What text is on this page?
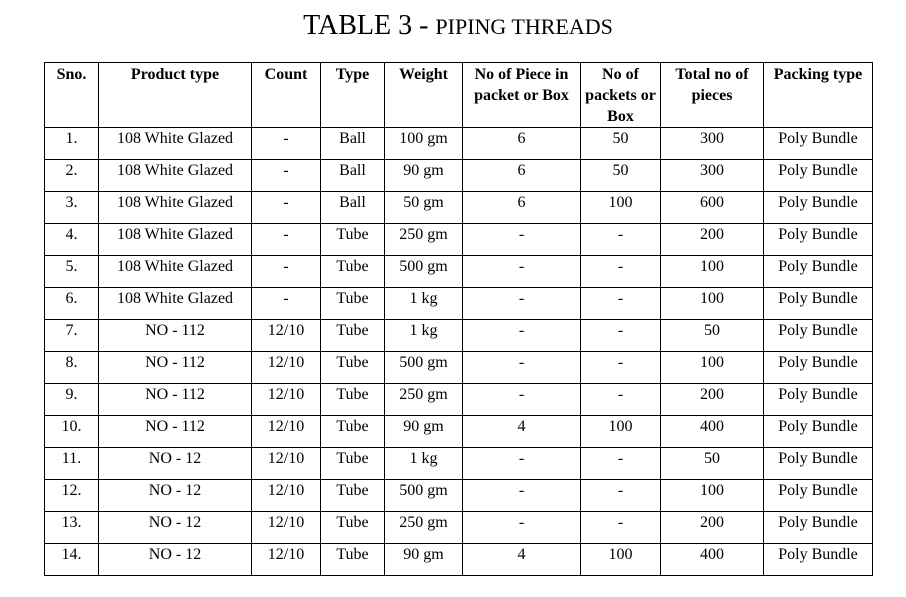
TABLE 3 - PIPING THREADS
Sno.	Product type	Count	Type	Weight	No of Piece in packet or Box	No of packets or Box	Total no of pieces	Packing type
1.	108 White Glazed	-	Ball	100 gm	6	50	300	Poly Bundle
2.	108 White Glazed	-	Ball	90 gm	6	50	300	Poly Bundle
3.	108 White Glazed	-	Ball	50 gm	6	100	600	Poly Bundle
4.	108 White Glazed	-	Tube	250 gm	-	-	200	Poly Bundle
5.	108 White Glazed	-	Tube	500 gm	-	-	100	Poly Bundle
6.	108 White Glazed	-	Tube	1 kg	-	-	100	Poly Bundle
7.	NO - 112	12/10	Tube	1 kg	-	-	50	Poly Bundle
8.	NO - 112	12/10	Tube	500 gm	-	-	100	Poly Bundle
9.	NO - 112	12/10	Tube	250 gm	-	-	200	Poly Bundle
10.	NO - 112	12/10	Tube	90 gm	4	100	400	Poly Bundle
11.	NO - 12	12/10	Tube	1 kg	-	-	50	Poly Bundle
12.	NO - 12	12/10	Tube	500 gm	-	-	100	Poly Bundle
13.	NO - 12	12/10	Tube	250 gm	-	-	200	Poly Bundle
14.	NO - 12	12/10	Tube	90 gm	4	100	400	Poly Bundle
